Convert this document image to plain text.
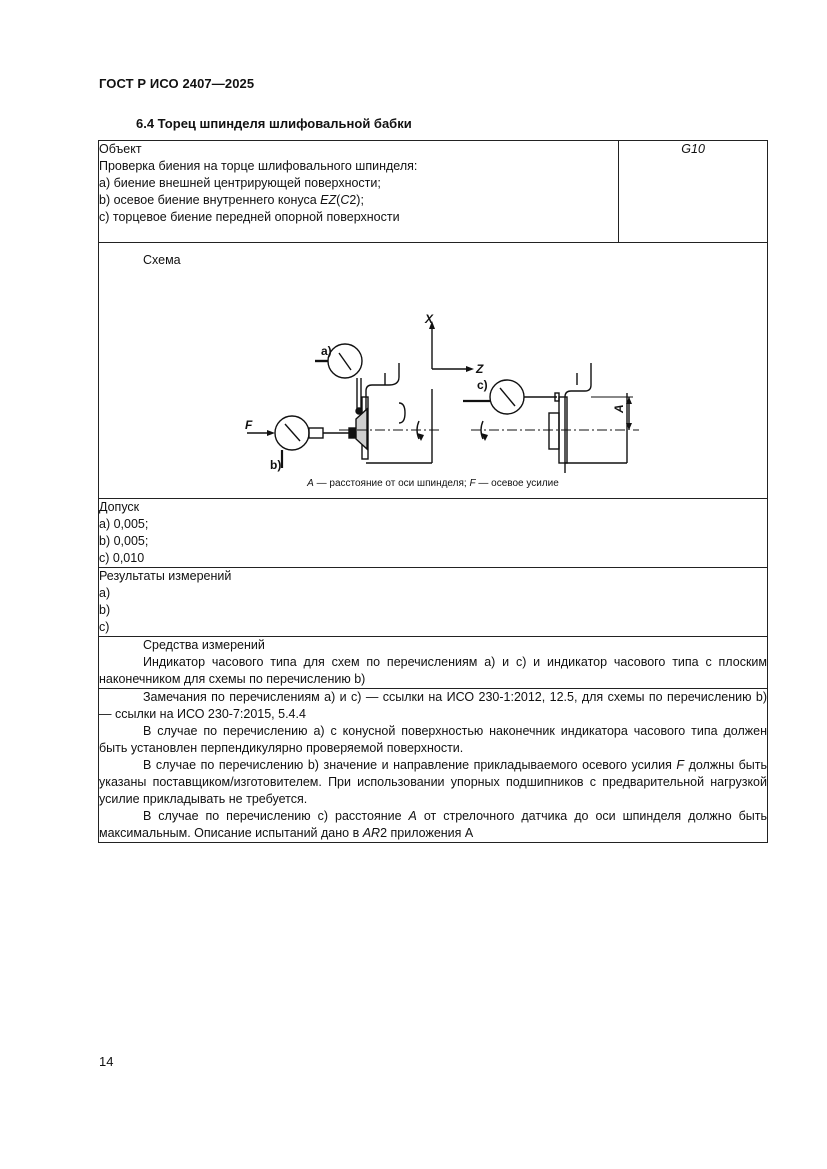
ГОСТ Р ИСО 2407—2025
6.4 Торец шпинделя шлифовальной бабки
Объект
Проверка биения на торце шлифовального шпинделя:
a) биение внешней центрирующей поверхности;
b) осевое биение внутреннего конуса EZ(C2);
c) торцевое биение передней опорной поверхности
	G10

Схема
X
Z
a)
b)
c)
F
A
A — расстояние от оси шпинделя; F — осевое усилие

Допуск
a) 0,005;
b) 0,005;
c) 0,010

Результаты измерений
a)
b)
c)

Средства измерений
Индикатор часового типа для схем по перечислениям a) и c) и индикатор часового типа с плоским наконечником для схемы по перечислению b)

Замечания по перечислениям a) и c) — ссылки на ИСО 230-1:2012, 12.5, для схемы по перечислению b) — ссылки на ИСО 230-7:2015, 5.4.4
В случае по перечислению a) с конусной поверхностью наконечник индикатора часового типа должен быть установлен перпендикулярно проверяемой поверхности.
В случае по перечислению b) значение и направление прикладываемого осевого усилия F должны быть указаны поставщиком/изготовителем. При использовании упорных подшипников с предварительной нагрузкой усилие прикладывать не требуется.
В случае по перечислению c) расстояние A от стрелочного датчика до оси шпинделя должно быть максимальным. Описание испытаний дано в AR2 приложения А
14
